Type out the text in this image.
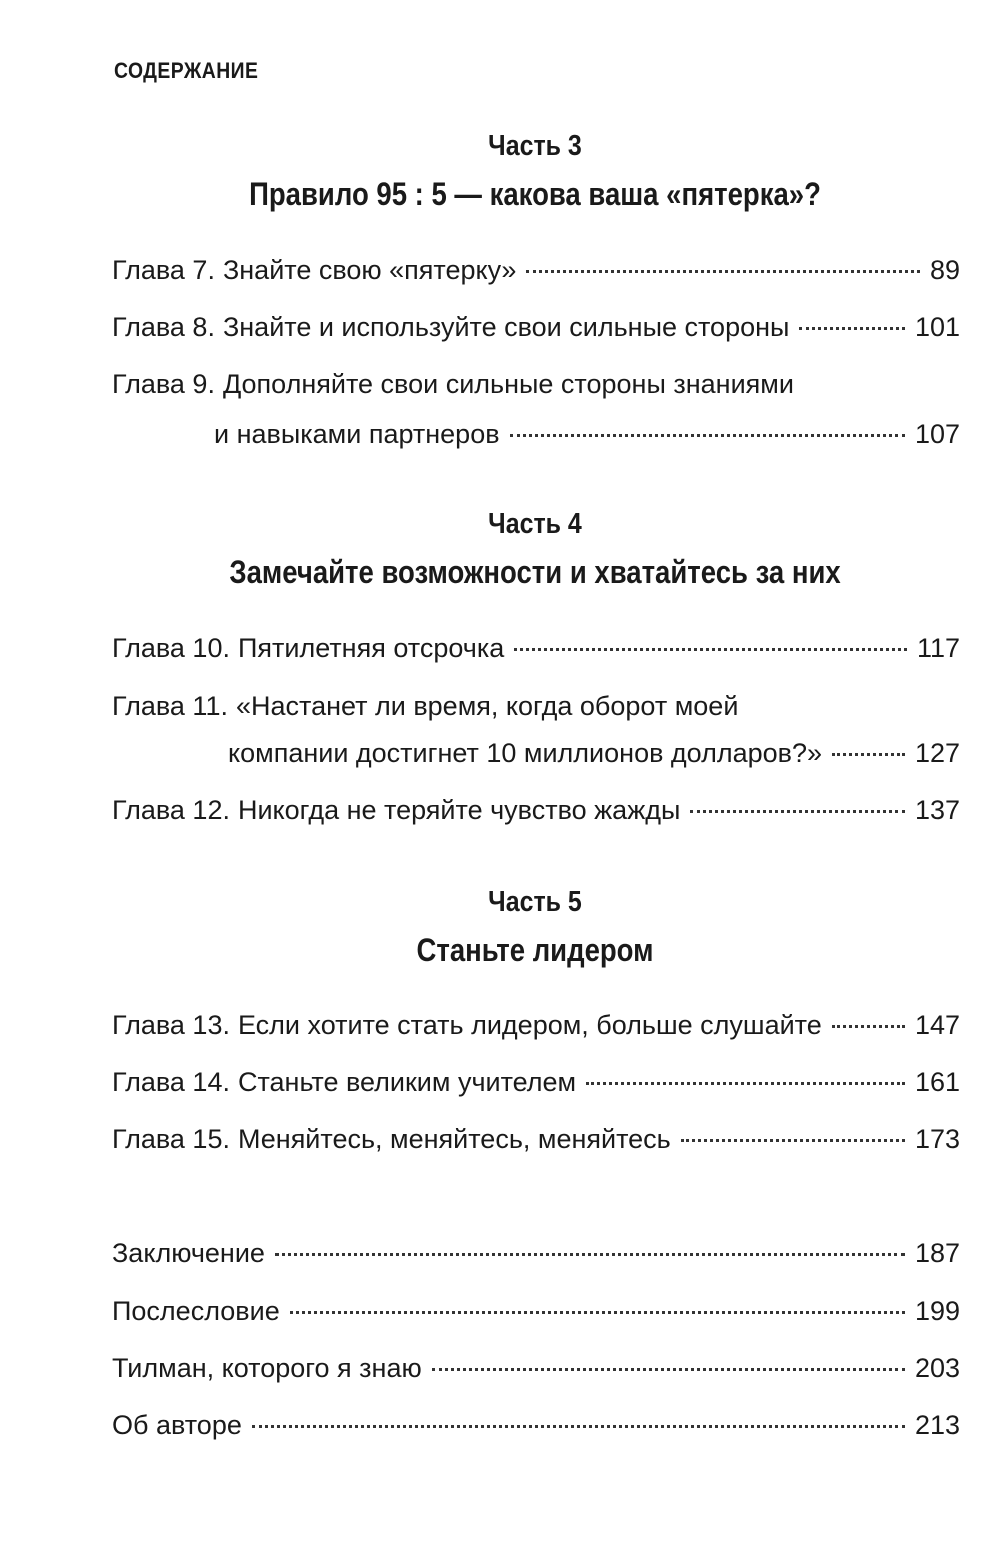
СОДЕРЖАНИЕ
Часть 3
Правило 95 : 5 — какова ваша «пятерка»?
Глава 7. Знайте свою «пятерку»	89
Глава 8. Знайте и используйте свои сильные стороны	101
Глава 9. Дополняйте свои сильные стороны знаниями
и навыками партнеров	107
Часть 4
Замечайте возможности и хватайтесь за них
Глава 10. Пятилетняя отсрочка	117
Глава 11. «Настанет ли время, когда оборот моей
компании достигнет 10 миллионов долларов?»	127
Глава 12. Никогда не теряйте чувство жажды	137
Часть 5
Станьте лидером
Глава 13. Если хотите стать лидером, больше слушайте	147
Глава 14. Станьте великим учителем	161
Глава 15. Меняйтесь, меняйтесь, меняйтесь	173
Заключение	187
Послесловие	199
Тилман, которого я знаю	203
Об авторе	213
